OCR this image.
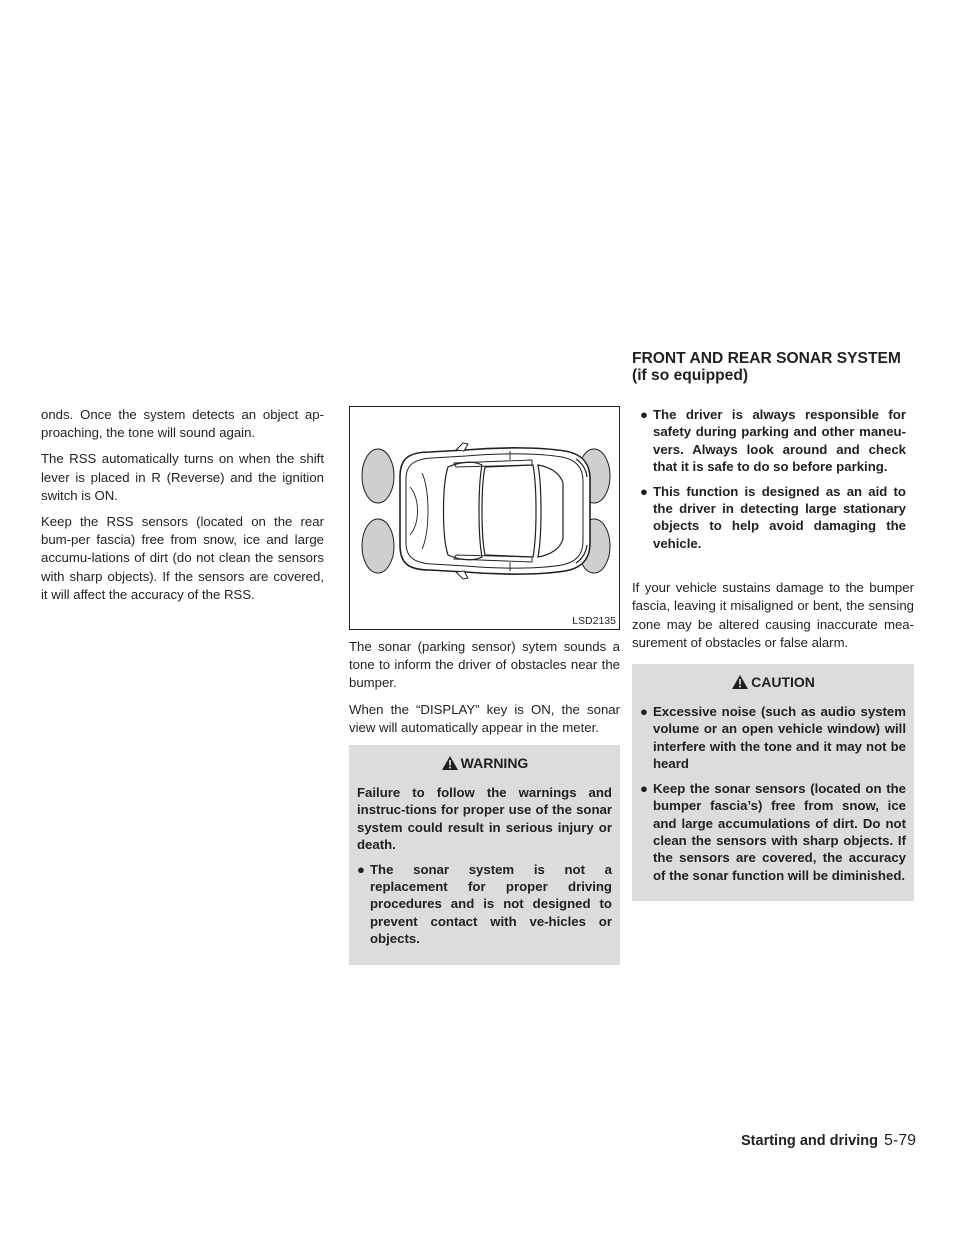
FRONT AND REAR SONAR SYSTEM
(if so equipped)

onds. Once the system detects an object ap-proaching, the tone will sound again.

The RSS automatically turns on when the shift lever is placed in R (Reverse) and the ignition switch is ON.

Keep the RSS sensors (located on the rear bum-per fascia) free from snow, ice and large accumu-lations of dirt (do not clean the sensors with sharp objects). If the sensors are covered, it will affect the accuracy of the RSS.

LSD2135

The sonar (parking sensor) sytem sounds a tone to inform the driver of obstacles near the bumper.

When the “DISPLAY” key is ON, the sonar view will automatically appear in the meter.

WARNING

Failure to follow the warnings and instruc-tions for proper use of the sonar system could result in serious injury or death.

● The sonar system is not a replacement for proper driving procedures and is not designed to prevent contact with ve-hicles or objects.
● The driver is always responsible for safety during parking and other maneu-vers. Always look around and check that it is safe to do so before parking.
● This function is designed as an aid to the driver in detecting large stationary objects to help avoid damaging the vehicle.

If your vehicle sustains damage to the bumper fascia, leaving it misaligned or bent, the sensing zone may be altered causing inaccurate mea-surement of obstacles or false alarm.

CAUTION
● Excessive noise (such as audio system volume or an open vehicle window) will interfere with the tone and it may not be heard
● Keep the sonar sensors (located on the bumper fascia’s) free from snow, ice and large accumulations of dirt. Do not clean the sensors with sharp objects. If the sensors are covered, the accuracy of the sonar function will be diminished.
Starting and driving 5-79
